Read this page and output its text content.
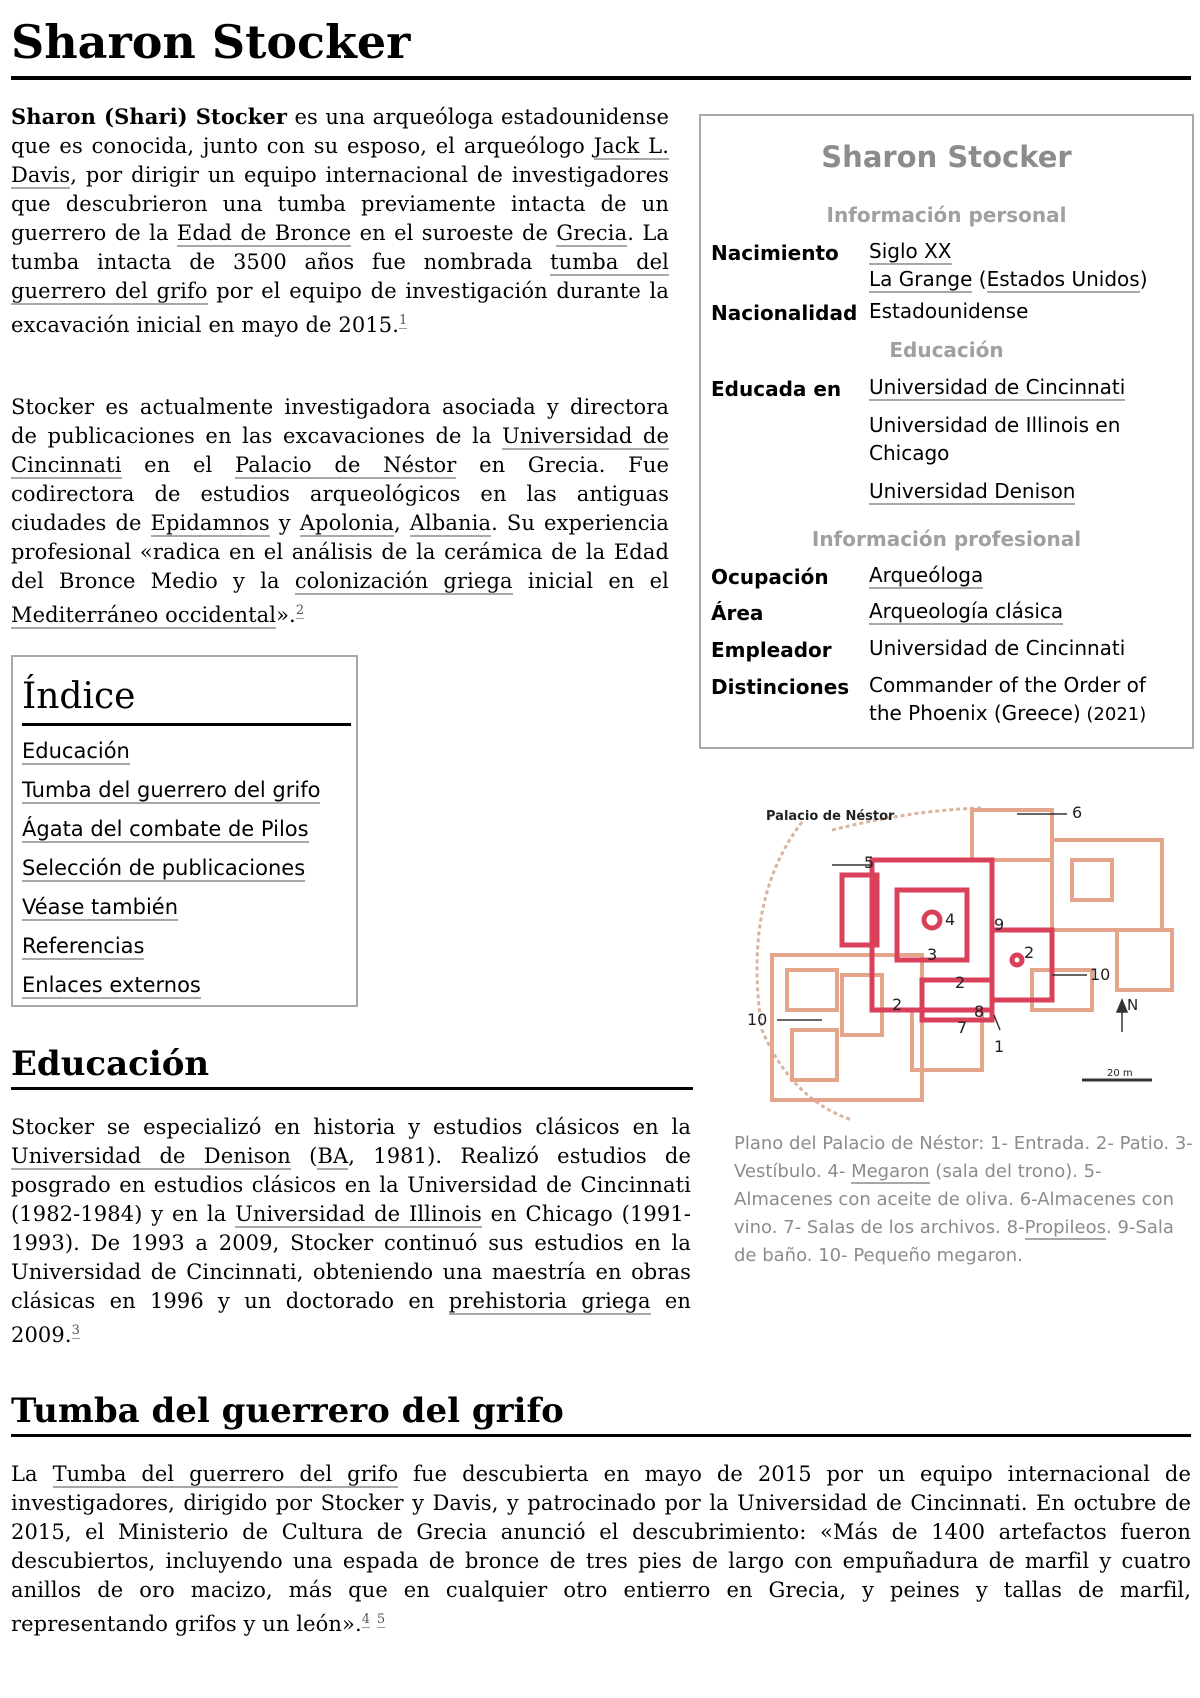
Sharon Stocker

Sharon (Shari) Stocker es una arqueóloga estadounidense que es conocida, junto con su esposo, el arqueólogo Jack L. Davis, por dirigir un equipo internacional de investigadores que descubrieron una tumba previamente intacta de un guerrero de la Edad de Bronce en el suroeste de Grecia. La tumba intacta de 3500 años fue nombrada tumba del guerrero del grifo por el equipo de investigación durante la excavación inicial en mayo de 2015.$^1$

Stocker es actualmente investigadora asociada y directora de publicaciones en las excavaciones de la Universidad de Cincinnati en el Palacio de Néstor en Grecia. Fue codirectora de estudios arqueológicos en las antiguas ciudades de Epidamnos y Apolonia, Albania. Su experiencia profesional «radica en el análisis de la cerámica de la Edad del Bronce Medio y la colonización griega inicial en el Mediterráneo occidental».$^2$

Índice
Educación
Tumba del guerrero del grifo
Ágata del combate de Pilos
Selección de publicaciones
Véase también
Referencias
Enlaces externos
Educación

Stocker se especializó en historia y estudios clásicos en la Universidad de Denison (BA, 1981). Realizó estudios de posgrado en estudios clásicos en la Universidad de Cincinnati (1982-1984) y en la Universidad de Illinois en Chicago (1991-1993). De 1993 a 2009, Stocker continuó sus estudios en la Universidad de Cincinnati, obteniendo una maestría en obras clásicas en 1996 y un doctorado en prehistoria griega en 2009.$^3$

Tumba del guerrero del grifo

La Tumba del guerrero del grifo fue descubierta en mayo de 2015 por un equipo internacional de investigadores, dirigido por Stocker y Davis, y patrocinado por la Universidad de Cincinnati. En octubre de 2015, el Ministerio de Cultura de Grecia anunció el descubrimiento: «Más de 1400 artefactos fueron descubiertos, incluyendo una espada de bronce de tres pies de largo con empuñadura de marfil y cuatro anillos de oro macizo, más que en cualquier otro entierro en Grecia, y peines y tallas de marfil, representando grifos y un león».$^4$ $^5$

Sharon Stocker
Información personal
Nacimiento Siglo XX
La Grange (Estados Unidos)
Nacionalidad Estadounidense
Educación
Educada en Universidad de Cincinnati
Universidad de Illinois en Chicago
Universidad Denison
Información profesional
Ocupación Arqueóloga
Área	Arqueología clásica
Empleador Universidad de Cincinnati
Distinciones Commander of the Order of the Phoenix (Greece) (2021)
Palacio de Néstor
1
2
2
2
3
4
5
6
7
8
9
10
10
N
20 m
Plano del Palacio de Néstor: 1- Entrada. 2- Patio. 3- Vestíbulo. 4- Megaron (sala del trono). 5- Almacenes con aceite de oliva. 6-Almacenes con vino. 7- Salas de los archivos. 8-Propileos. 9-Sala de baño. 10- Pequeño megaron.
